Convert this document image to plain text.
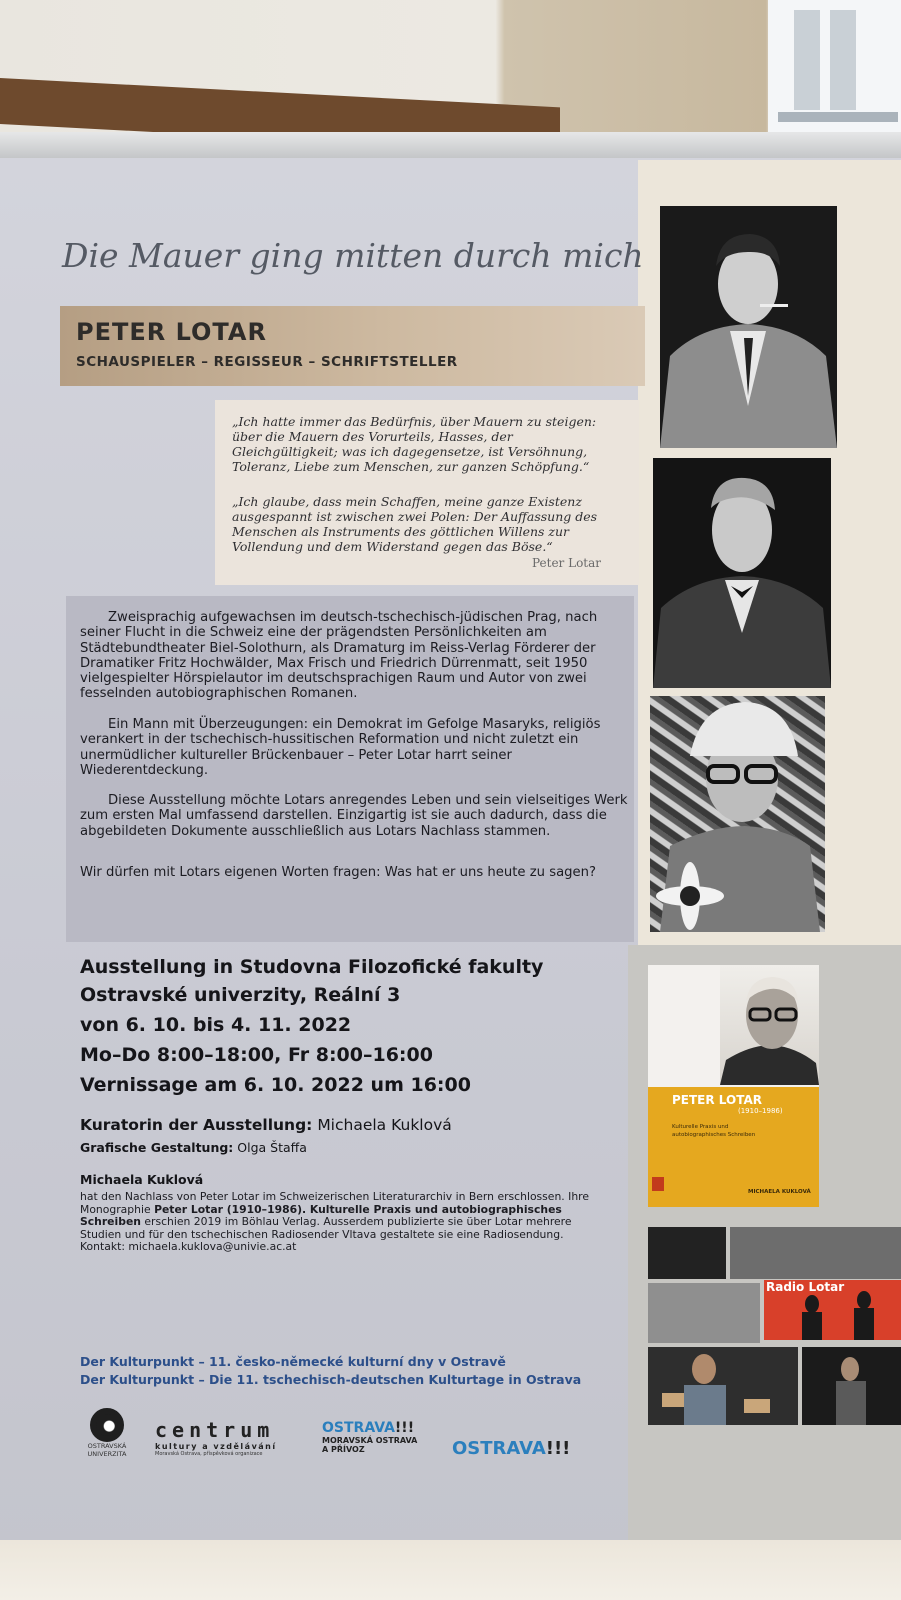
Die Mauer ging mitten durch mich
PETER LOTAR
SCHAUSPIELER – REGISSEUR – SCHRIFTSTELLER
„Ich hatte immer das Bedürfnis, über Mauern zu steigen: über die Mauern des Vorurteils, Hasses, der Gleichgültigkeit; was ich dagegensetze, ist Versöhnung, Toleranz, Liebe zum Menschen, zur ganzen Schöpfung.“
„Ich glaube, dass mein Schaffen, meine ganze Existenz ausgespannt ist zwischen zwei Polen: Der Auffassung des Menschen als Instruments des göttlichen Willens zur Vollendung und dem Widerstand gegen das Böse.“
Peter Lotar
Zweisprachig aufgewachsen im deutsch-tschechisch-jüdischen Prag, nach seiner Flucht in die Schweiz eine der prägendsten Persönlichkeiten am Städtebundtheater Biel-Solothurn, als Dramaturg im Reiss-Verlag Förderer der Dramatiker Fritz Hochwälder, Max Frisch und Friedrich Dürrenmatt, seit 1950 vielgespielter Hörspielautor im deutschsprachigen Raum und Autor von zwei fesselnden autobiographischen Romanen.
Ein Mann mit Überzeugungen: ein Demokrat im Gefolge Masaryks, religiös verankert in der tschechisch-hussitischen Reformation und nicht zuletzt ein unermüdlicher kultureller Brückenbauer – Peter Lotar harrt seiner Wiederentdeckung.
Diese Ausstellung möchte Lotars anregendes Leben und sein vielseitiges Werk zum ersten Mal umfassend darstellen. Einzigartig ist sie auch dadurch, dass die abgebildeten Dokumente ausschließlich aus Lotars Nachlass stammen.
Wir dürfen mit Lotars eigenen Worten fragen: Was hat er uns heute zu sagen?
Ausstellung in Studovna Filozofické fakulty
Ostravské univerzity, Reální 3
von 6. 10. bis 4. 11. 2022
Mo–Do 8:00–18:00, Fr 8:00–16:00
Vernissage am 6. 10. 2022 um 16:00
Kuratorin der Ausstellung: Michaela Kuklová
Grafische Gestaltung: Olga Štaffa
Michaela Kuklová
hat den Nachlass von Peter Lotar im Schweizerischen Literaturarchiv in Bern erschlossen. Ihre Monographie Peter Lotar (1910–1986). Kulturelle Praxis und autobiographisches Schreiben erschien 2019 im Böhlau Verlag. Ausserdem publizierte sie über Lotar mehrere Studien und für den tschechischen Radiosender Vltava gestaltete sie eine Radiosendung.
Kontakt: michaela.kuklova@univie.ac.at
Der Kulturpunkt – 11. česko-německé kulturní dny v Ostravě
Der Kulturpunkt – Die 11. tschechisch-deutschen Kulturtage in Ostrava
OSTRAVSKÁ
UNIVERZITA
centrum
kultury a vzdělávání
Moravská Ostrava, příspěvková organizace
OSTRAVA!!!
MORAVSKÁ OSTRAVA
A PŘÍVOZ	OSTRAVA!!!
PETER LOTAR
(1910–1986)
Kulturelle Praxis und autobiographisches Schreiben
MICHAELA KUKLOVÁ
Radio Lotar
